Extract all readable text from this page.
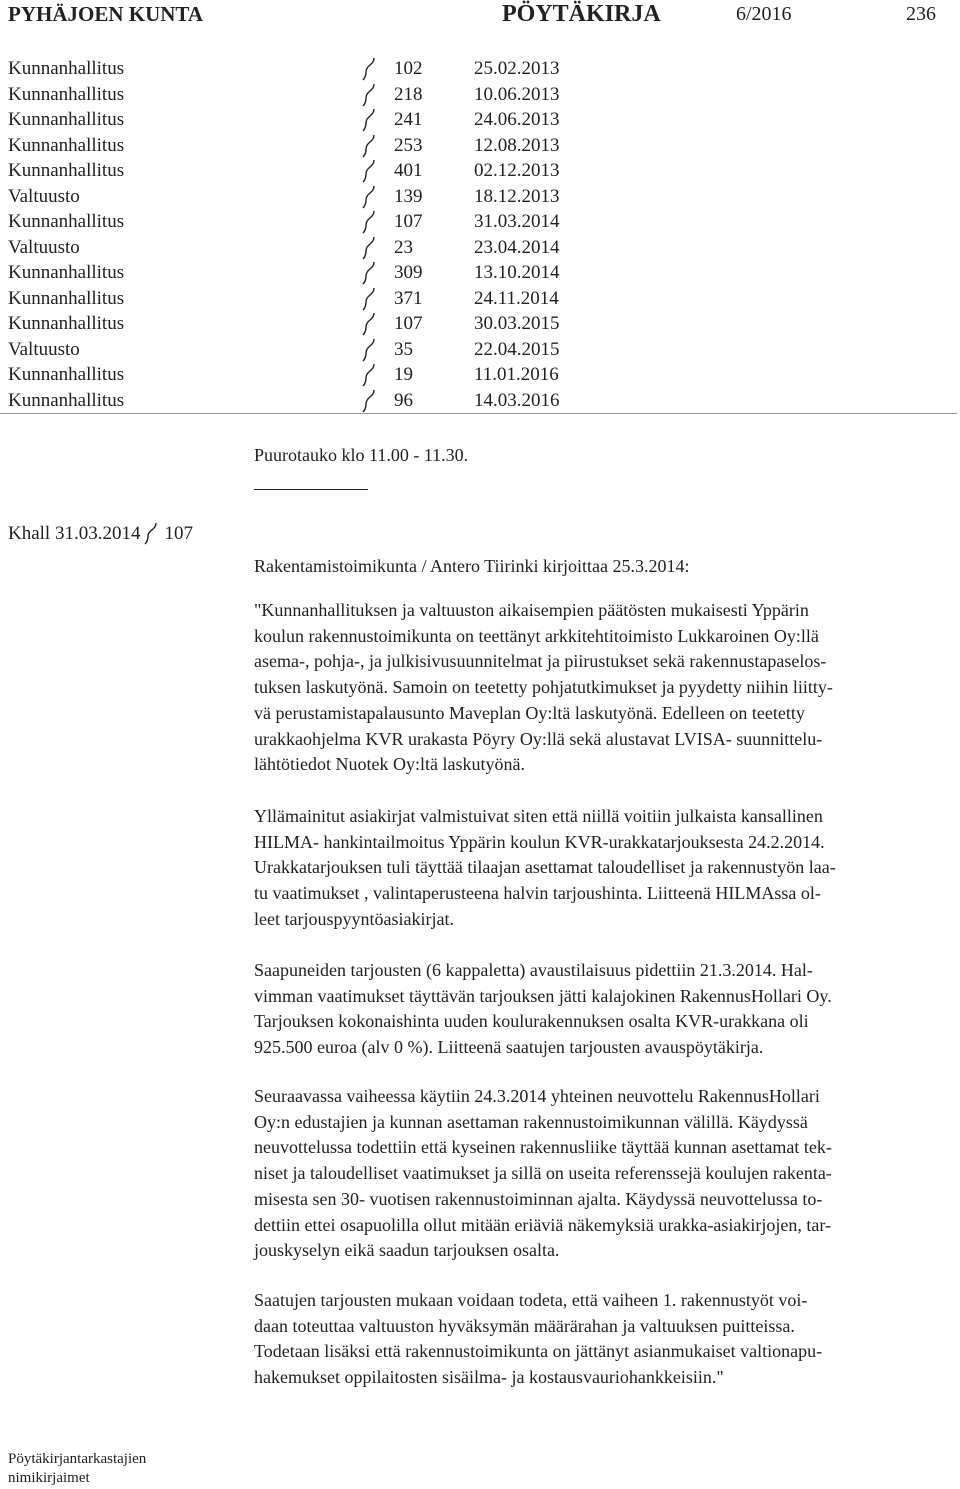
PYHÄJOEN KUNTA	PÖYTÄKIRJA	6/2016	236
Kunnanhallitus	102	25.02.2013
Kunnanhallitus	218	10.06.2013
Kunnanhallitus	241	24.06.2013
Kunnanhallitus	253	12.08.2013
Kunnanhallitus	401	02.12.2013
Valtuusto	139	18.12.2013
Kunnanhallitus	107	31.03.2014
Valtuusto	23	23.04.2014
Kunnanhallitus	309	13.10.2014
Kunnanhallitus	371	24.11.2014
Kunnanhallitus	107	30.03.2015
Valtuusto	35	22.04.2015
Kunnanhallitus	19	11.01.2016
Kunnanhallitus	96	14.03.2016
Puurotauko klo 11.00 - 11.30.
Khall 31.03.2014 107
Rakentamistoimikunta / Antero Tiirinki kirjoittaa 25.3.2014:
"Kunnanhallituksen ja valtuuston aikaisempien päätösten mukaisesti Yppärin
koulun rakennustoimikunta on teettänyt arkkitehtitoimisto Lukkaroinen Oy:llä
asema-, pohja-, ja julkisivusuunnitelmat ja piirustukset sekä rakennustapaselos-
tuksen laskutyönä. Samoin on teetetty pohjatutkimukset ja pyydetty niihin liitty-
vä perustamistapalausunto Maveplan Oy:ltä laskutyönä. Edelleen on teetetty
urakkaohjelma KVR urakasta Pöyry Oy:llä sekä alustavat LVISA- suunnittelu-
lähtötiedot Nuotek Oy:ltä laskutyönä.
Yllämainitut asiakirjat valmistuivat siten että niillä voitiin julkaista kansallinen
HILMA- hankintailmoitus Yppärin koulun KVR-urakkatarjouksesta 24.2.2014.
Urakkatarjouksen tuli täyttää tilaajan asettamat taloudelliset ja rakennustyön laa-
tu vaatimukset , valintaperusteena halvin tarjoushinta. Liitteenä HILMAssa ol-
leet tarjouspyyntöasiakirjat.
Saapuneiden tarjousten (6 kappaletta) avaustilaisuus pidettiin 21.3.2014. Hal-
vimman vaatimukset täyttävän tarjouksen jätti kalajokinen RakennusHollari Oy.
Tarjouksen kokonaishinta uuden koulurakennuksen osalta KVR-urakkana oli
925.500 euroa (alv 0 %). Liitteenä saatujen tarjousten avauspöytäkirja.
Seuraavassa vaiheessa käytiin 24.3.2014 yhteinen neuvottelu RakennusHollari
Oy:n edustajien ja kunnan asettaman rakennustoimikunnan välillä. Käydyssä
neuvottelussa todettiin että kyseinen rakennusliike täyttää kunnan asettamat tek-
niset ja taloudelliset vaatimukset ja sillä on useita referenssejä koulujen rakenta-
misesta sen 30- vuotisen rakennustoiminnan ajalta. Käydyssä neuvottelussa to-
dettiin ettei osapuolilla ollut mitään eriäviä näkemyksiä urakka-asiakirjojen, tar-
jouskyselyn eikä saadun tarjouksen osalta.
Saatujen tarjousten mukaan voidaan todeta, että vaiheen 1. rakennustyöt voi-
daan toteuttaa valtuuston hyväksymän määrärahan ja valtuuksen puitteissa.
Todetaan lisäksi että rakennustoimikunta on jättänyt asianmukaiset valtionapu-
hakemukset oppilaitosten sisäilma- ja kostausvauriohankkeisiin."
Pöytäkirjantarkastajien
nimikirjaimet
